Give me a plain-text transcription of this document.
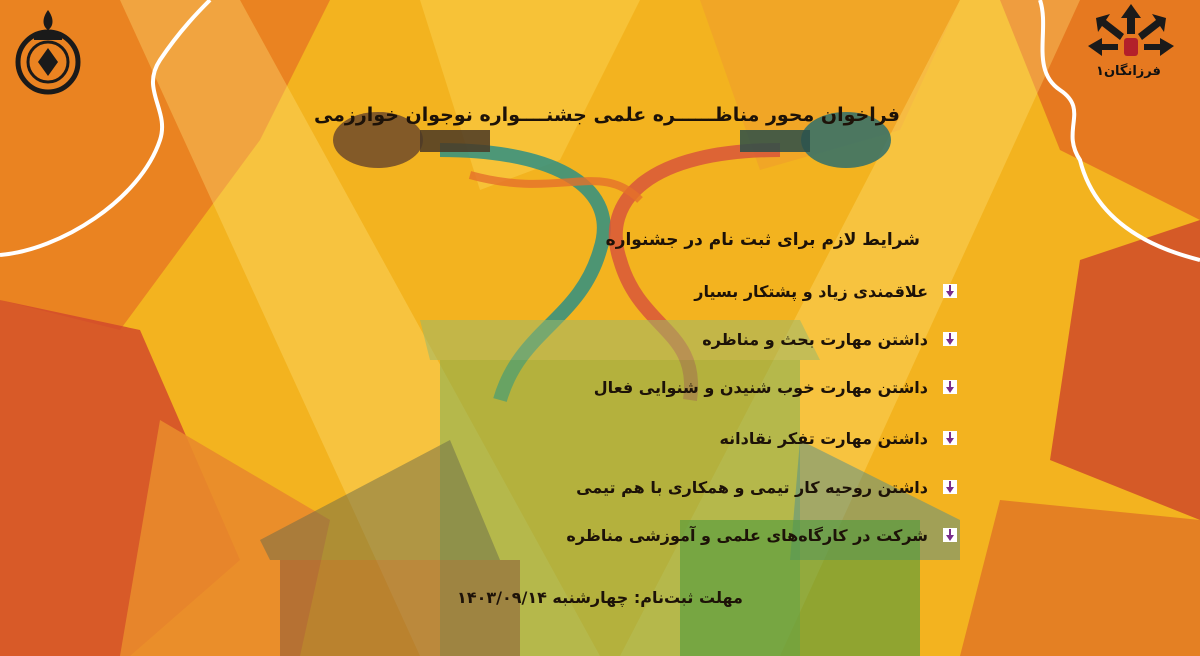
فرزانگان۱
فراخوان محور مناظــــــره علمی جشنــــواره نوجوان خوارزمی
شرایط لازم برای ثبت نام در جشنواره
علاقمندی زیاد و پشتکار بسیار
داشتن مهارت بحث و مناظره
داشتن مهارت خوب شنیدن و شنوایی فعال
داشتن مهارت تفکر نقادانه
داشتن روحیه کار تیمی و همکاری با هم تیمی
شرکت در کارگاه‌های علمی و آموزشی مناظره
مهلت ثبت‌نام: چهارشنبه ۱۴۰۳/۰۹/۱۴
